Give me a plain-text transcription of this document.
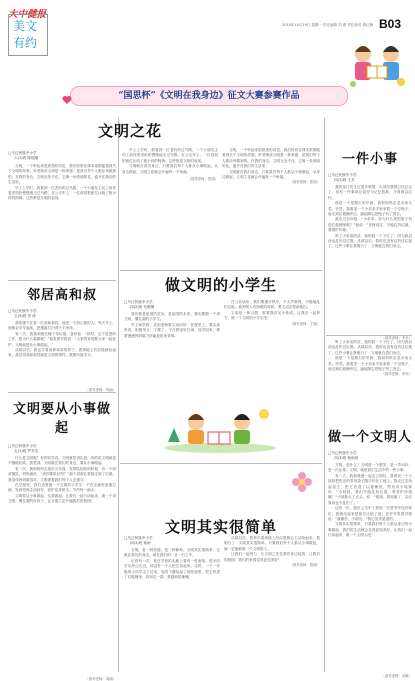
大中健报
美文有约
2015年10月19日 星期一 责任编辑 刘 燕 责任校对 胡红梅 B03
“国思杯”《文明在我身边》征文大赛参赛作品
文明之花
□马边民族中小学
六(1)班 陈瑞瑞

文明，一个听起来很熟悉的词语，我们经常在课本里都能看到关于文明的故事。听老师讲文明是一种美德，是我们每个人都应该做到的。在我的身边，文明无处不在，它像一朵美丽的花，盛开在我们的生活里。

早上上学时，我看到一位老奶奶过马路，一个小朋友主动上前扶着老奶奶慢慢地走过马路。在公交车上，一位叔叔把座位让给了抱小孩的阿姨。这些都是文明的表现。

早上上学时，我看到一位老奶奶过马路，一个小朋友主动上前扶着老奶奶慢慢地走过马路。在公交车上，一位叔叔把座位让给了抱小孩的阿姨。这些都是文明的表现。

文明就在我们身边，只要我们每个人都从小事做起，从身边做起，文明之花就会开遍每一个角落。

（指导老师：张丽）

文明，一个听起来很熟悉的词语，我们经常在课本里都能看到关于文明的故事。听老师讲文明是一种美德，是我们每个人都应该做到的。在我的身边，文明无处不在，它像一朵美丽的花，盛开在我们的生活里。

文明就在我们身边，只要我们每个人都从小事做起，从身边做起，文明之花就会开遍每一个角落。

（指导老师：张丽）
邻居高和叔
□马边民族中小学
五(3)班 李 涛

我家楼下住着一位高和叔叔，他是一个热心肠的人。每天早上，他都会早早起床，把楼道打扫得干干净净。

有一次，我看到他在楼下捡垃圾，我问他：“叔叔，这不是您的工作，您为什么要做呢？”他笑着对我说：“大家的家园要大家一起爱护，文明就是从小事做起。”

从那以后，我也学着高和叔叔的样子，看到地上有垃圾就捡起来。我觉得高和叔叔就是文明的榜样，我要向他学习。

（指导老师：何丽）
文明要从小事做起
□马边民族中小学
五(1)班 罗芳芳

什么是文明呢？有的同学说，文明就是讲礼貌，有的说文明就是不随地吐痰。我觉得，文明就在我们的身边，要从小事做起。

有一次，我和妈妈去超市买东西，在排队结账的时候，有一个叔叔插队，妈妈就说：“请你排队好吗？”那个叔叔红着脸走到了后面。我觉得妈妈做得对，文明需要我们每个人去遵守。

在学校里，我们也要做一个文明的小学生：不在走廊里追逐打闹，见到老师主动问好，爱护花草树木，节约每一滴水。

文明要从小事做起，从我做起。让我们一起行动起来，做一个讲文明、懂礼貌的好孩子，让文明之花开遍我们的校园！

（指导老师：周丽）
做文明的小学生
□马边民族中小学
四(2)班 代俊琳

我们都是祖国的花朵，是祖国的未来，我们要做一个讲文明、懂礼貌的小学生。

早上到学校，见到老师要主动问好；在课堂上，要认真听讲，积极发言；下课了，不在教室里打闹；放学回家，要帮爸爸妈妈做力所能及的家务事。

在公共场所，我们要遵守秩序，不大声喧哗，不随地乱扔垃圾。看到别人有困难的时候，要主动去帮助他们。

文明是一种习惯，需要我们从小养成。让我们一起努力，做一个文明的小学生吧！

（指导老师：王刚）
文明其实很简单
□马边民族中小学
四(3)班 杨雨

文明，是一种美德，是一种修养。文明其实很简单，它就在我们的身边，就在我们的一言一行之中。

记得有一次，我在学校的走廊上看到一张废纸，很多同学从旁边走过，却没有一个人把它捡起来。这时，一个一年级的小同学走了过来，他弯下腰捡起了那张废纸，把它扔进了垃圾桶里。看到这一幕，我感到很惭愧。

从那以后，我每次看到地上有垃圾都会主动捡起来。我明白了：文明其实很简单，只要我们每个人都从小事做起，就一定能够做一个文明的人。

让我们一起努力，让文明之花在我们身边绽放，让我们的校园、我们的家园变得更加美好！

（指导老师：陈刚）
一件小事
□马边民族中小学
四(1)班 王芳

我的身边发生过很多事情，大部分我都已经忘记了，但有一件事却让我至今记忆犹新，令我难以忘怀。

那是一个星期天的早晨，我和妈妈去菜市场买菜。突然，我看见一个小弟弟手里拿着一个空瓶子，他走到垃圾桶旁边，踮起脚尖把瓶子扔了进去。

我走过去问他：“小弟弟，你为什么要把瓶子扔进垃圾桶里呢？”他说：“老师说过，不能乱扔垃圾，要保护环境。”

听了小弟弟的话，我的脸一下子红了，因为我以前也乱扔过垃圾。从那以后，我再也没有乱扔过垃圾了。这件小事让我明白了：文明就在我们身边。

（指导老师：李东）
做一个文明人
□马边民族中小学
四(3)班 杨雨萱

文明，是什么？文明是一个微笑，是一声问好，是一次让座。文明，就是我们生活中的一些小事。

有一天，我和爸爸一起去公园玩，我看见一个小妹妹把吃完的零食袋子随手扔在了地上。我走过去捡起袋子，把它扔进了垃圾桶里，然后对小妹妹说：“小妹妹，我们不能乱扔垃圾，要爱护环境哦！”小妹妹点了点头，说：“姐姐，我知道了，以后我再也不乱扔了。”

还有一次，我在公交车上看见一位老爷爷没有座位，我就站起来把座位让给了他，老爷爷笑着对我说：“谢谢你，小朋友。”我心里美滋滋的。

文明其实很简单，只要我们每个人都从身边的小事做起，我们的生活就会变得更加美好。让我们一起行动起来，做一个文明人吧！

（指导老师：吴敏）

听了小弟弟的话，我的脸一下子红了，因为我以前也乱扔过垃圾。从那以后，我再也没有乱扔过垃圾了。这件小事让我明白了：文明就在我们身边。

那是一个星期天的早晨，我和妈妈去菜市场买菜。突然，我看见一个小弟弟手里拿着一个空瓶子，他走到垃圾桶旁边，踮起脚尖把瓶子扔了进去。

（指导老师：李东）
